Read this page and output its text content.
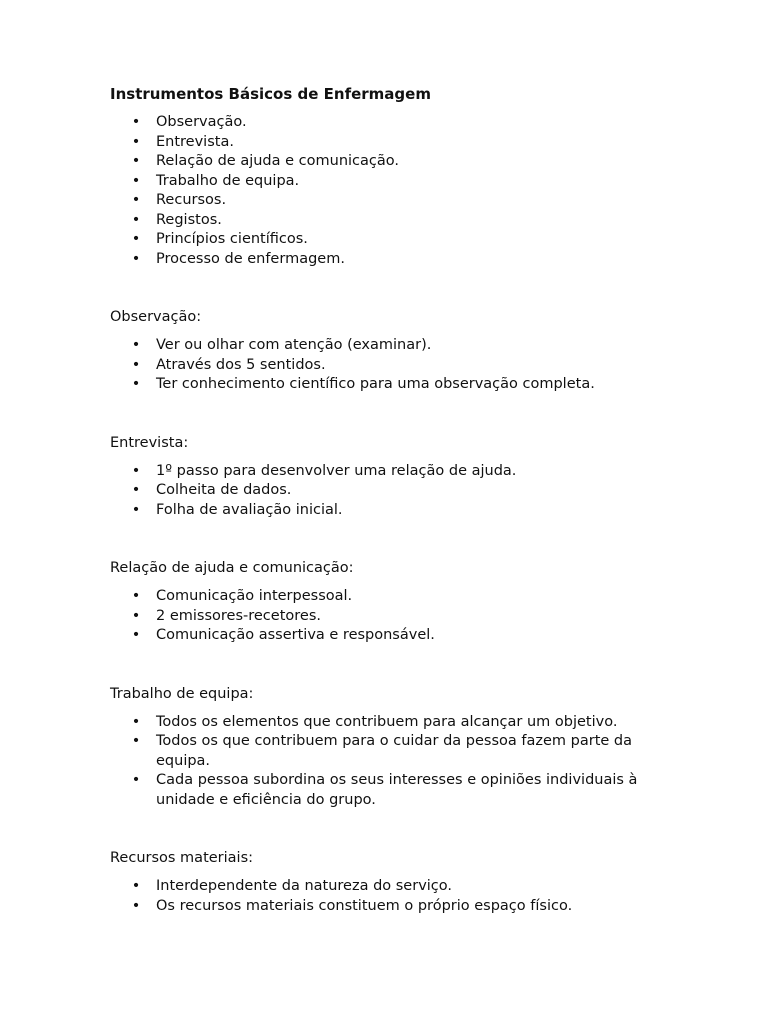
Instrumentos Básicos de Enfermagem
• Observação.
• Entrevista.
• Relação de ajuda e comunicação.
• Trabalho de equipa.
• Recursos.
• Registos.
• Princípios científicos.
• Processo de enfermagem.
Observação:
• Ver ou olhar com atenção (examinar).
• Através dos 5 sentidos.
• Ter conhecimento científico para uma observação completa.
Entrevista:
• 1º passo para desenvolver uma relação de ajuda.
• Colheita de dados.
• Folha de avaliação inicial.
Relação de ajuda e comunicação:
• Comunicação interpessoal.
• 2 emissores-recetores.
• Comunicação assertiva e responsável.
Trabalho de equipa:
• Todos os elementos que contribuem para alcançar um objetivo.
• Todos os que contribuem para o cuidar da pessoa fazem parte da equipa.
• Cada pessoa subordina os seus interesses e opiniões individuais à unidade e eficiência do grupo.
Recursos materiais:
• Interdependente da natureza do serviço.
• Os recursos materiais constituem o próprio espaço físico.
